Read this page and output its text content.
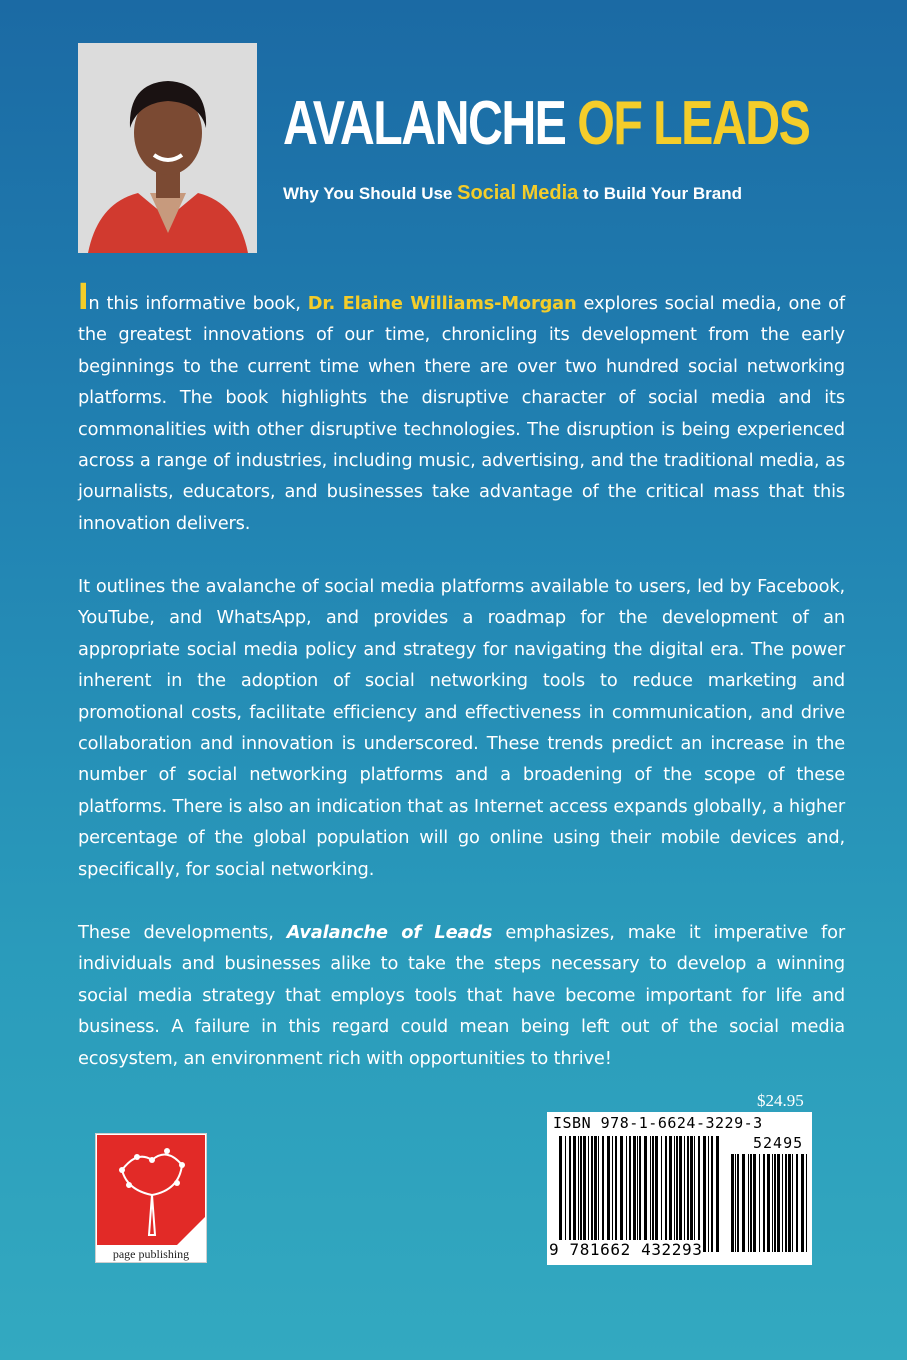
AVALANCHE OF LEADS

Why You Should Use Social Media to Build Your Brand

In this informative book, Dr. Elaine Williams-Morgan explores social media, one of the greatest innovations of our time, chronicling its development from the early beginnings to the current time when there are over two hundred social networking platforms. The book highlights the disruptive character of social media and its commonalities with other disruptive technologies. The disruption is being experienced across a range of industries, including music, advertising, and the traditional media, as journalists, educators, and businesses take advantage of the critical mass that this innovation delivers.

It outlines the avalanche of social media platforms available to users, led by Facebook, YouTube, and WhatsApp, and provides a roadmap for the development of an appropriate social media policy and strategy for navigating the digital era. The power inherent in the adoption of social networking tools to reduce marketing and promotional costs, facilitate efficiency and effectiveness in communication, and drive collaboration and innovation is underscored. These trends predict an increase in the number of social networking platforms and a broadening of the scope of these platforms. There is also an indication that as Internet access expands globally, a higher percentage of the global population will go online using their mobile devices and, specifically, for social networking.

These developments, Avalanche of Leads emphasizes, make it imperative for individuals and businesses alike to take the steps necessary to develop a winning social media strategy that employs tools that have become important for life and business. A failure in this regard could mean being left out of the social media ecosystem, an environment rich with opportunities to thrive!

page publishing

$24.95

ISBN 978-1-6624-3229-3
52495
9 781662 432293
